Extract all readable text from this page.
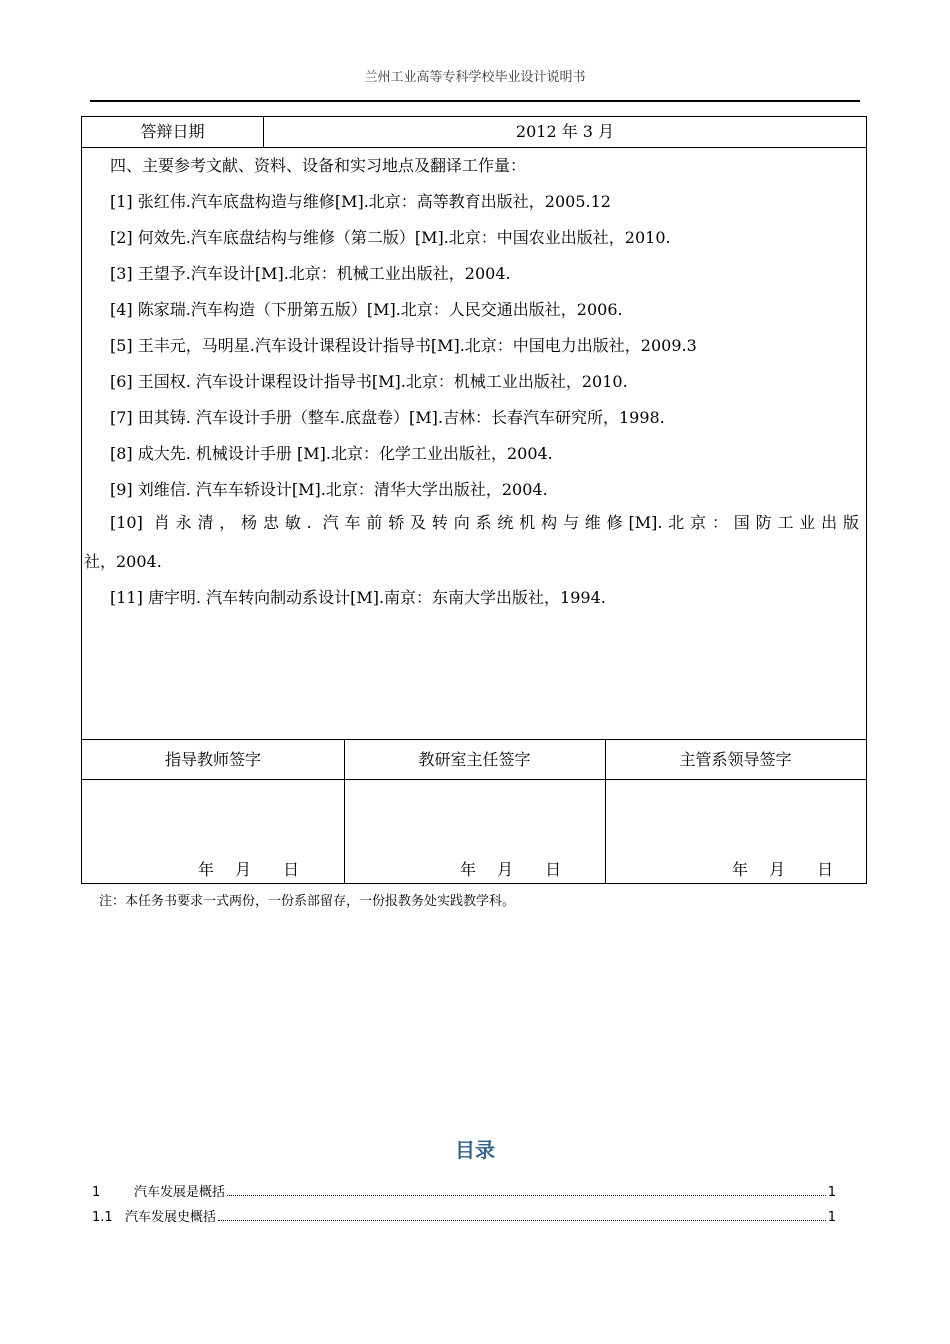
兰州工业高等专科学校毕业设计说明书
答辩日期	2012 年 3 月
四、主要参考文献、资料、设备和实习地点及翻译工作量：
[1] 张红伟.汽车底盘构造与维修[M].北京：高等教育出版社，2005.12
[2] 何效先.汽车底盘结构与维修（第二版）[M].北京：中国农业出版社，2010.
[3] 王望予.汽车设计[M].北京：机械工业出版社，2004.
[4] 陈家瑞.汽车构造（下册第五版）[M].北京：人民交通出版社，2006.
[5] 王丰元，马明星.汽车设计课程设计指导书[M].北京：中国电力出版社，2009.3
[6] 王国权. 汽车设计课程设计指导书[M].北京：机械工业出版社，2010.
[7] 田其铸. 汽车设计手册（整车.底盘卷）[M].吉林：长春汽车研究所，1998.
[8] 成大先. 机械设计手册 [M].北京：化学工业出版社，2004.
[9] 刘维信. 汽车车轿设计[M].北京：清华大学出版社，2004.
[10] 肖永清，杨忠敏. 汽车前轿及转向系统机构与维修[M].北京：国防工业出版
社，2004.
[11] 唐宇明. 汽车转向制动系设计[M].南京：东南大学出版社，1994.
指导教师签字	教研室主任签字	主管系领导签字
年　 月　　日	年　 月　　日	年　 月　　日
注：本任务书要求一式两份，一份系部留存，一份报教务处实践教学科。
目录
1	汽车发展是概括	1
1.1 汽车发展史概括	1
